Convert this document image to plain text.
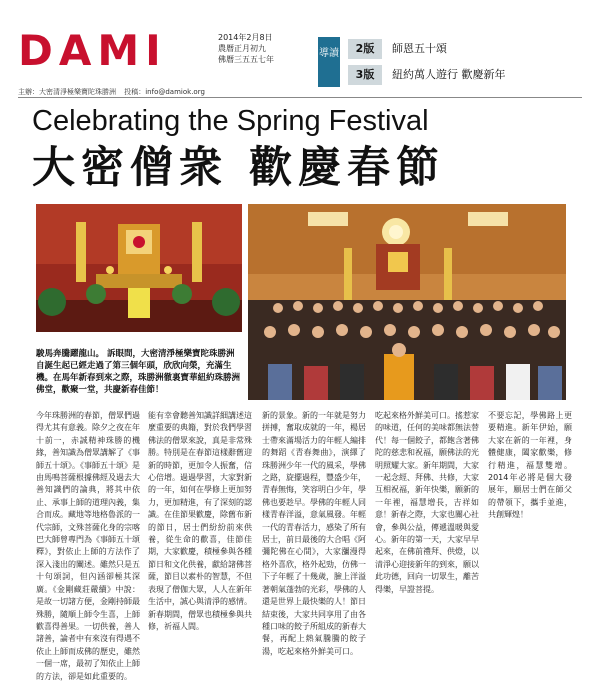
DAMI	2014年2月8日
農曆正月初九
佛曆三五五七年
導讀	2版	師恩五十頌
3版	紐約萬人遊行 歡慶新年
主辦：大密清淨極樂寶陀珠勝洲 投稿：info@damiok.org
Celebrating the Spring Festival
大密僧衆 歡慶春節
駿馬奔騰躍龍山。 訴眼間，大密清淨極樂寶陀珠勝洲自誕生起已經走過了第三個年頭，欣欣向榮，充滿生機。在馬年新春到來之際，珠勝洲徹裏寶華紐約珠勝洲佛堂，歡聚一堂，共慶新春佳節！
今年珠勝洲的春節，僧眾們過得尤其有意義。除夕之夜在年十前一，赤誠精神珠勝的機緣，善知識為僧眾講解了《事師五十頌》。《事師五十頌》是由馬鳴菩薩根據佛經及過去大善知識們的論典，將其中依止、承事上師的道理內義，集合而成。藏地等地格魯派的一代宗師，文殊菩薩化身的宗喀巴大師曾專門為《事師五十頌釋》，對依止上師的方法作了深入淺出的闡述。雖然只是五十句頌詞，但內涵卻極其深廣。《金剛藏莊嚴續》中說：是故一切諸方便，金剛持師最殊勝，隨順上師令生喜，上師歡喜得善果。一切供養，善人諸善，論者中有來沒有得遇不依止上師而成佛的歷史，雖然一個一席，最初了知依止上師的方法，卻是如此重要的。
能有幸會聽善知識詳細講述這麼重要的典籍，對於我們學習佛法的僧眾來說，真是非常殊勝。特別是在春節這樣辭舊迎新的時節，更加令人振奮，信心倍增。過過學習，大家對新的一年，如何在學修上更加努力，更加精進，有了深刻的認識。在佳節果歡慶，除舊布新的節日，居士們紛紛前來供養，從生命的歡喜，佳節佳期，大家歡慶，積極參與各種節日和文化供養，獻給諸佛菩薩，節目以素朴的智慧，不但表現了僧伽大眾，人人在新年生活中，誠心與清淨的感情。新春期間，僧眾也積極參與共修，祈福人間。
新的景象。新的一年就是努力拼搏，奮取成就的一年，楊居士帶來滿場活力的年輕人編排的舞蹈《青春舞曲》，演繹了珠勝洲少年一代的風采，學佛之路，旋擺過程，豐盛少年，青春無悔，笑容明白少年，學佛也要趁早。學佛的年輕人同樣青春洋溢，意氣風發。年輕一代的青春活力，感染了所有居士，前日最後的大合唱《阿彌陀佛在心間》，大家瀰漫得格外喜欣，格外起勁，仿佛一下子年輕了十幾歲，臉上洋溢著朝氣蓬勃的光彩，學佛的人還是世界上最快樂的人！節日結束後，大家共同享用了由各種口味的餃子所組成的新春大餐，再配上熱氣騰騰的餃子湯，吃起來格外鮮美可口。
吃起來格外鮮美可口。搖惹家的味道，任何的美味都無法替代！每一個餃子，都飽含著佛陀的慈悲和祝福，願佛法的光明照耀大家。新年期間，大家一起念經、拜佛、共修，大家互相祝福，新年快樂，願新的一年裡，福慧增長，吉祥如意！新春之際，大家也關心社會，參與公益，傳遞溫暖與愛心。新年的第一天，大家早早起來，在佛前禮拜、供燈，以清淨心迎接新年的到來，願以此功德，回向一切眾生，離苦得樂，早證菩提。
不要忘記，學佛路上更要精進。新年伊始，願大家在新的一年裡，身體健康，闔家歡樂，修行精進，福慧雙增。2014年必將是個大發展年，願居士們在師父的帶領下，攜手並進，共創輝煌！
